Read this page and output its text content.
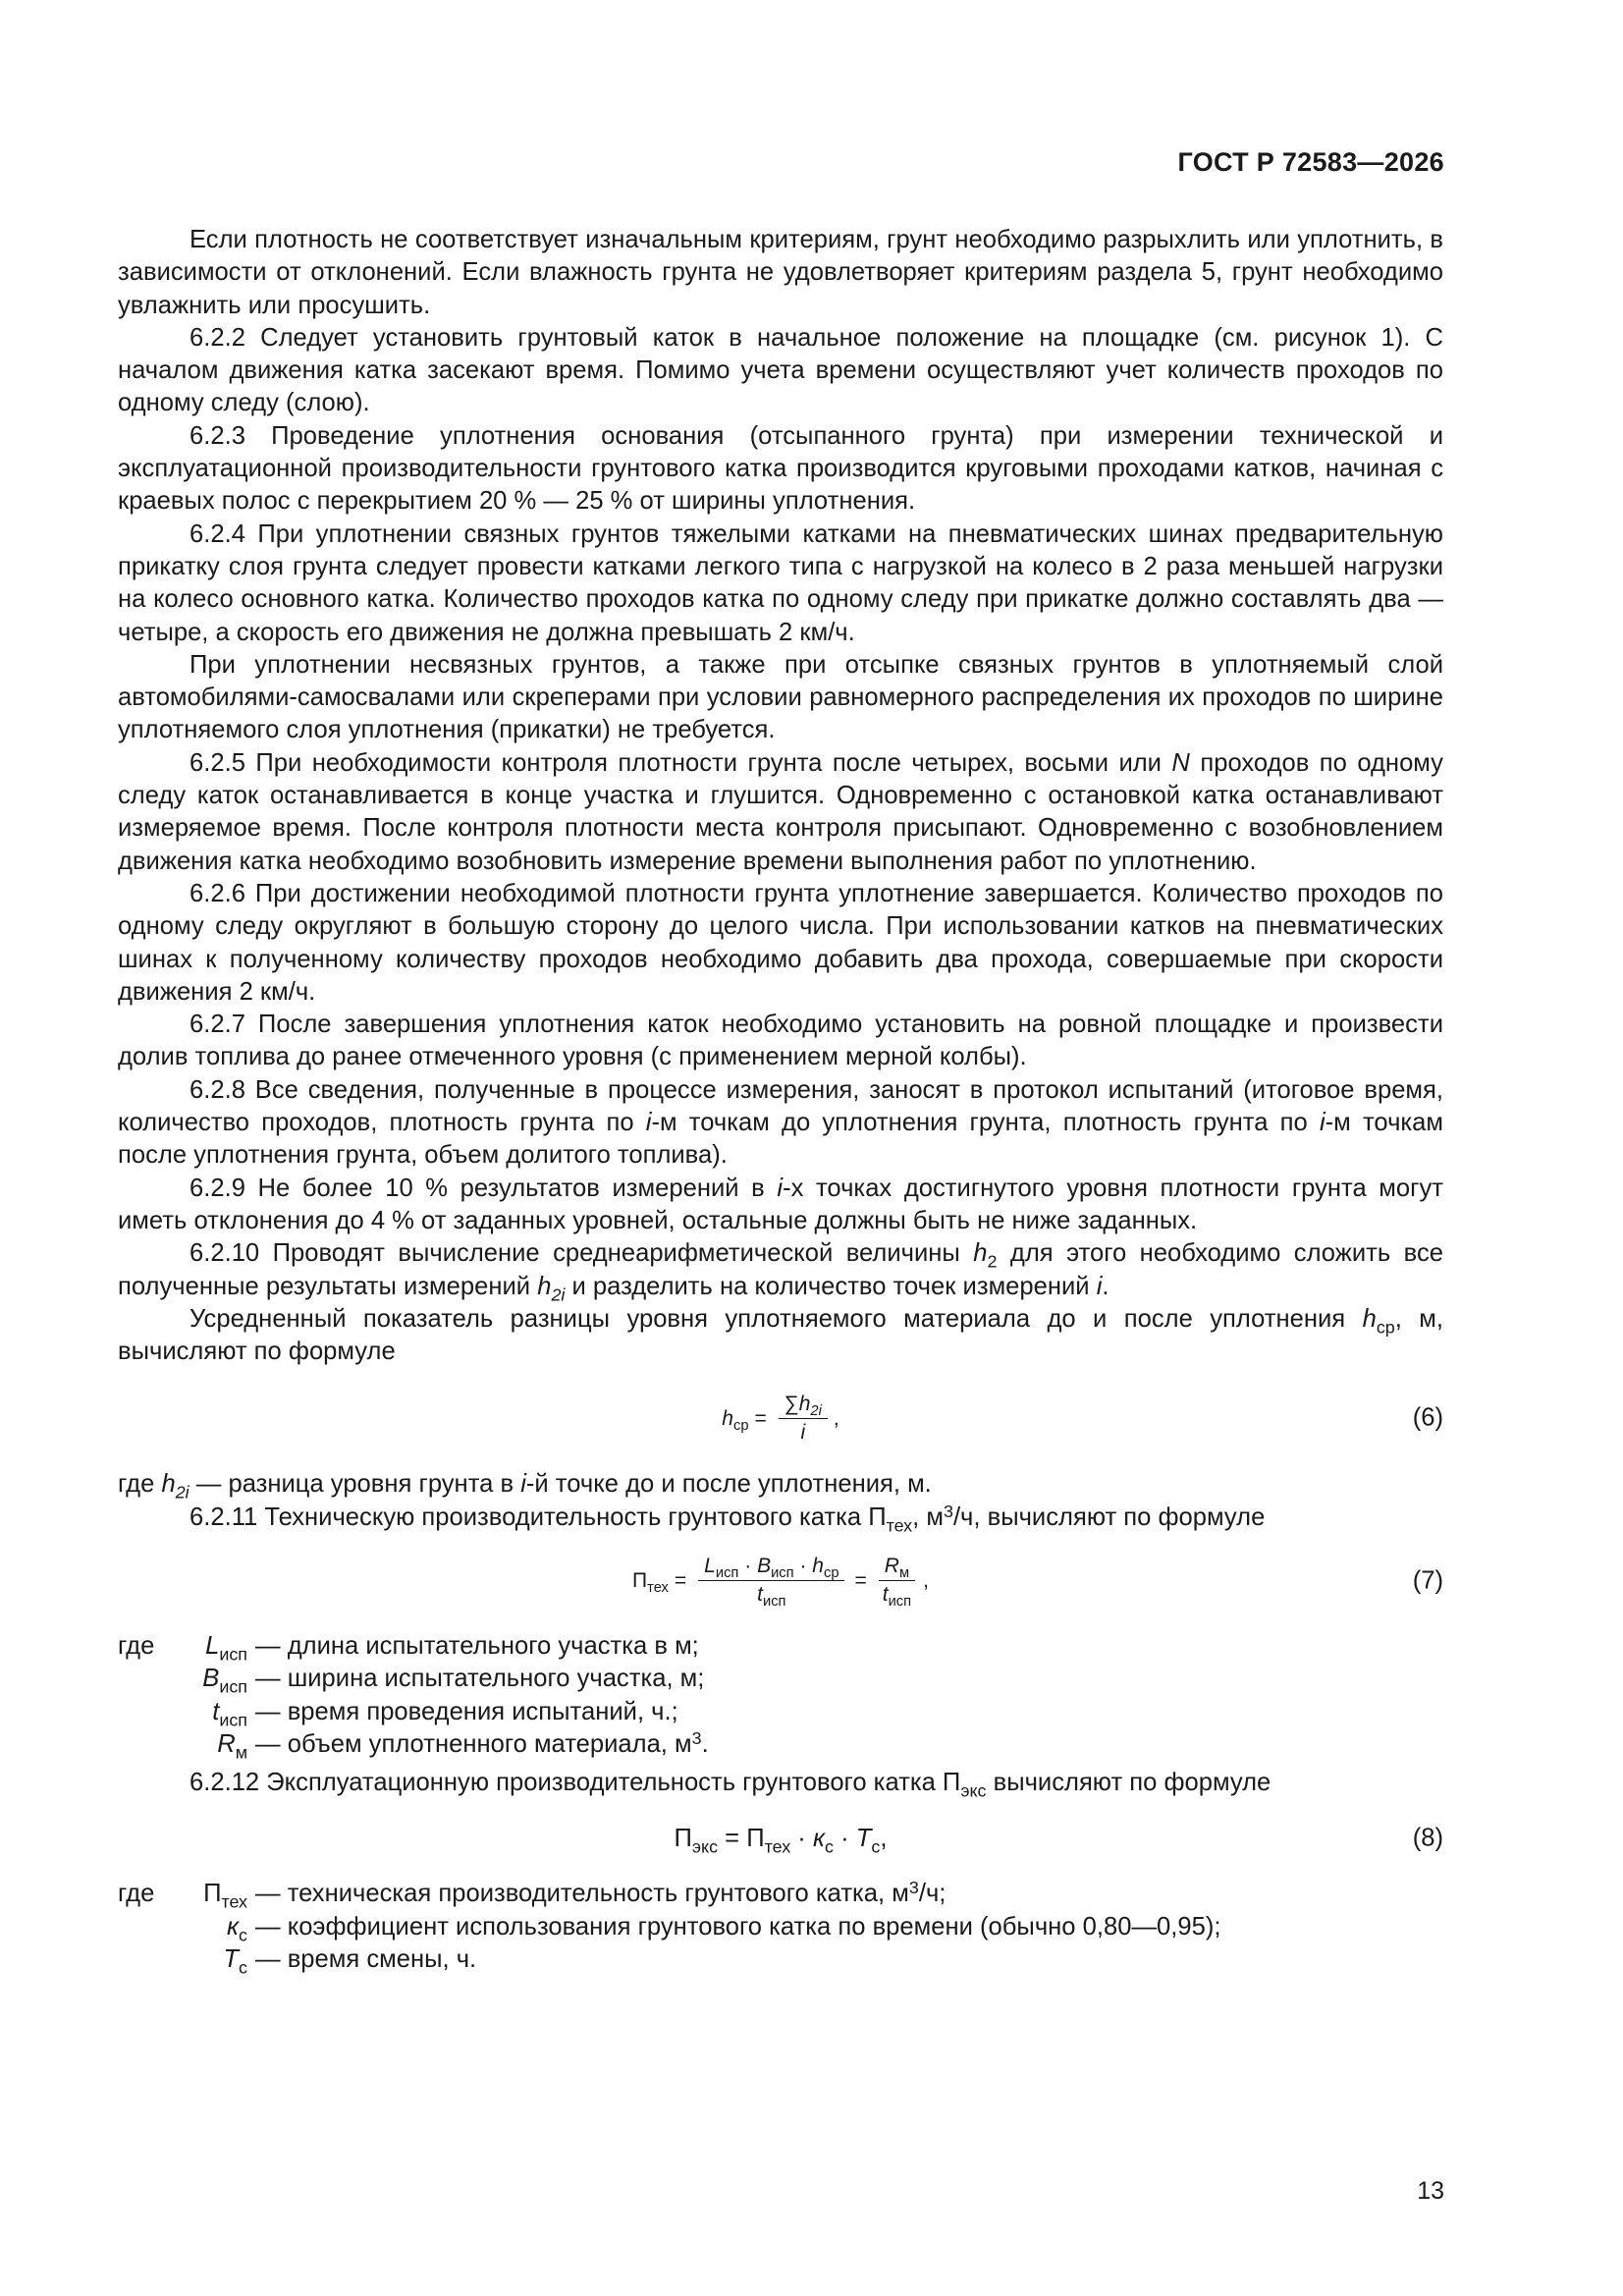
ГОСТ Р 72583—2026

Если плотность не соответствует изначальным критериям, грунт необходимо разрыхлить или уплотнить, в зависимости от отклонений. Если влажность грунта не удовлетворяет критериям раздела 5, грунт необходимо увлажнить или просушить.

6.2.2 Следует установить грунтовый каток в начальное положение на площадке (см. рисунок 1). С началом движения катка засекают время. Помимо учета времени осуществляют учет количеств проходов по одному следу (слою).

6.2.3 Проведение уплотнения основания (отсыпанного грунта) при измерении технической и эксплуатационной производительности грунтового катка производится круговыми проходами катков, начиная с краевых полос с перекрытием 20 % — 25 % от ширины уплотнения.

6.2.4 При уплотнении связных грунтов тяжелыми катками на пневматических шинах предварительную прикатку слоя грунта следует провести катками легкого типа с нагрузкой на колесо в 2 раза меньшей нагрузки на колесо основного катка. Количество проходов катка по одному следу при прикатке должно составлять два — четыре, а скорость его движения не должна превышать 2 км/ч.

При уплотнении несвязных грунтов, а также при отсыпке связных грунтов в уплотняемый слой автомобилями-самосвалами или скреперами при условии равномерного распределения их проходов по ширине уплотняемого слоя уплотнения (прикатки) не требуется.

6.2.5 При необходимости контроля плотности грунта после четырех, восьми или N проходов по одному следу каток останавливается в конце участка и глушится. Одновременно с остановкой катка останавливают измеряемое время. После контроля плотности места контроля присыпают. Одновременно с возобновлением движения катка необходимо возобновить измерение времени выполнения работ по уплотнению.

6.2.6 При достижении необходимой плотности грунта уплотнение завершается. Количество проходов по одному следу округляют в большую сторону до целого числа. При использовании катков на пневматических шинах к полученному количеству проходов необходимо добавить два прохода, совершаемые при скорости движения 2 км/ч.

6.2.7 После завершения уплотнения каток необходимо установить на ровной площадке и произвести долив топлива до ранее отмеченного уровня (с применением мерной колбы).

6.2.8 Все сведения, полученные в процессе измерения, заносят в протокол испытаний (итоговое время, количество проходов, плотность грунта по i-м точкам до уплотнения грунта, плотность грунта по i-м точкам после уплотнения грунта, объем долитого топлива).

6.2.9 Не более 10 % результатов измерений в i-х точках достигнутого уровня плотности грунта могут иметь отклонения до 4 % от заданных уровней, остальные должны быть не ниже заданных.

6.2.10 Проводят вычисление среднеарифметической величины $h_2$ для этого необходимо сложить все полученные результаты измерений $h_{2i}$ и разделить на количество точек измерений i.

Усредненный показатель разницы уровня уплотняемого материала до и после уплотнения $h_{ср}$, м, вычисляют по формуле

$h_{ср} = \frac{\sum h_{2i}}{i}$ ,	(6)

где $h_{2i}$ — разница уровня грунта в i-й точке до и после уплотнения, м.

6.2.11 Техническую производительность грунтового катка $П_{тех}$, $м^3/ч$, вычисляют по формуле

$П_{тех} = \frac{L_{исп} \cdot B_{исп} \cdot h_{ср}}{t_{исп}} = \frac{R_м}{t_{исп}}$ ,	(7)
где $L_{исп}$ — длина испытательного участка в м;
$B_{исп}$ — ширина испытательного участка, м;
$t_{исп}$ — время проведения испытаний, ч.;
$R_м$ — объем уплотненного материала, $м^3$.

6.2.12 Эксплуатационную производительность грунтового катка $П_{экс}$ вычисляют по формуле

$П_{экс} = П_{тех} \cdot к_с \cdot T_с$,	(8)
где $П_{тех}$ — техническая производительность грунтового катка, $м^3/ч$;
$к_с$ — коэффициент использования грунтового катка по времени (обычно 0,80—0,95);
$T_с$ — время смены, ч.
13
